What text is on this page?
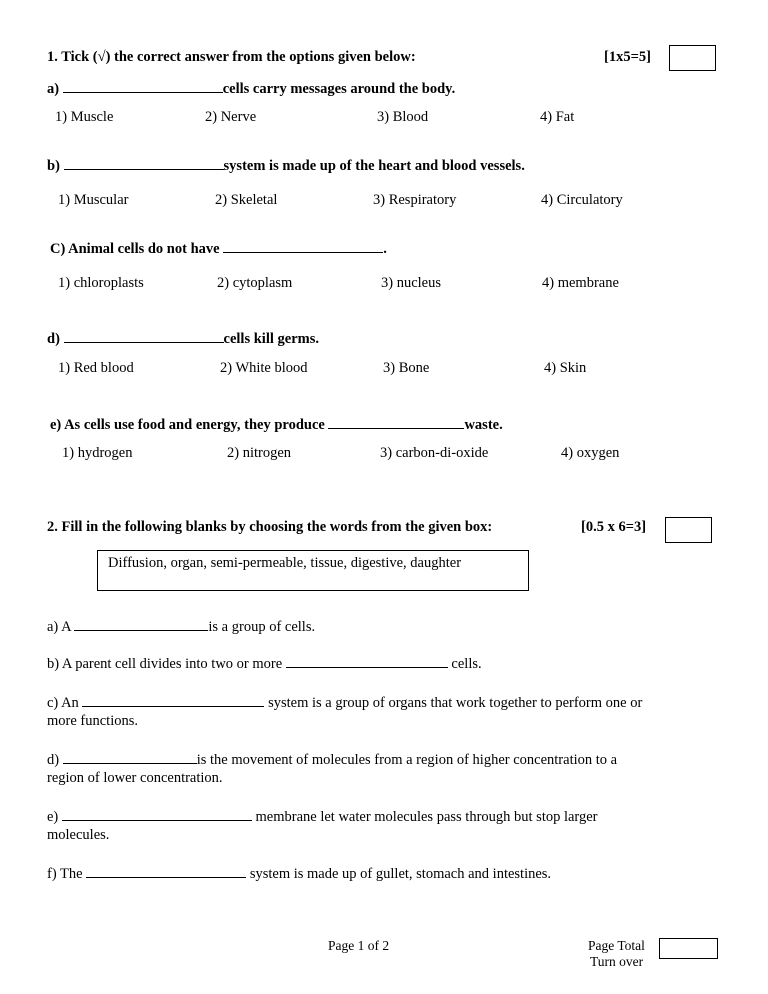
1. Tick (√) the correct answer from the options given below:	[1x5=5]
a)	cells carry messages around the body.
1) Muscle	2) Nerve	3) Blood	4) Fat
b)	system is made up of the heart and blood vessels.
1) Muscular	2) Skeletal	3) Respiratory	4) Circulatory
C) Animal cells do not have	.
1) chloroplasts	2) cytoplasm	3) nucleus	4) membrane
d)	cells kill germs.
1) Red blood	2) White blood	3) Bone	4) Skin
e) As cells use food and energy, they produce	waste.
1) hydrogen	2) nitrogen	3) carbon-di-oxide	4) oxygen
2. Fill in the following blanks by choosing the words from the given box:	[0.5 x 6=3]
Diffusion, organ, semi-permeable, tissue, digestive, daughter
a) A	is a group of cells.
b) A parent cell divides into two or more	cells.
c) An	system is a group of organs that work together to perform one or
more functions.
d)	is the movement of molecules from a region of higher concentration to a
region of lower concentration.
e)	membrane let water molecules pass through but stop larger
molecules.
f) The	system is made up of gullet, stomach and intestines.
Page 1 of 2	Page Total
Turn over
